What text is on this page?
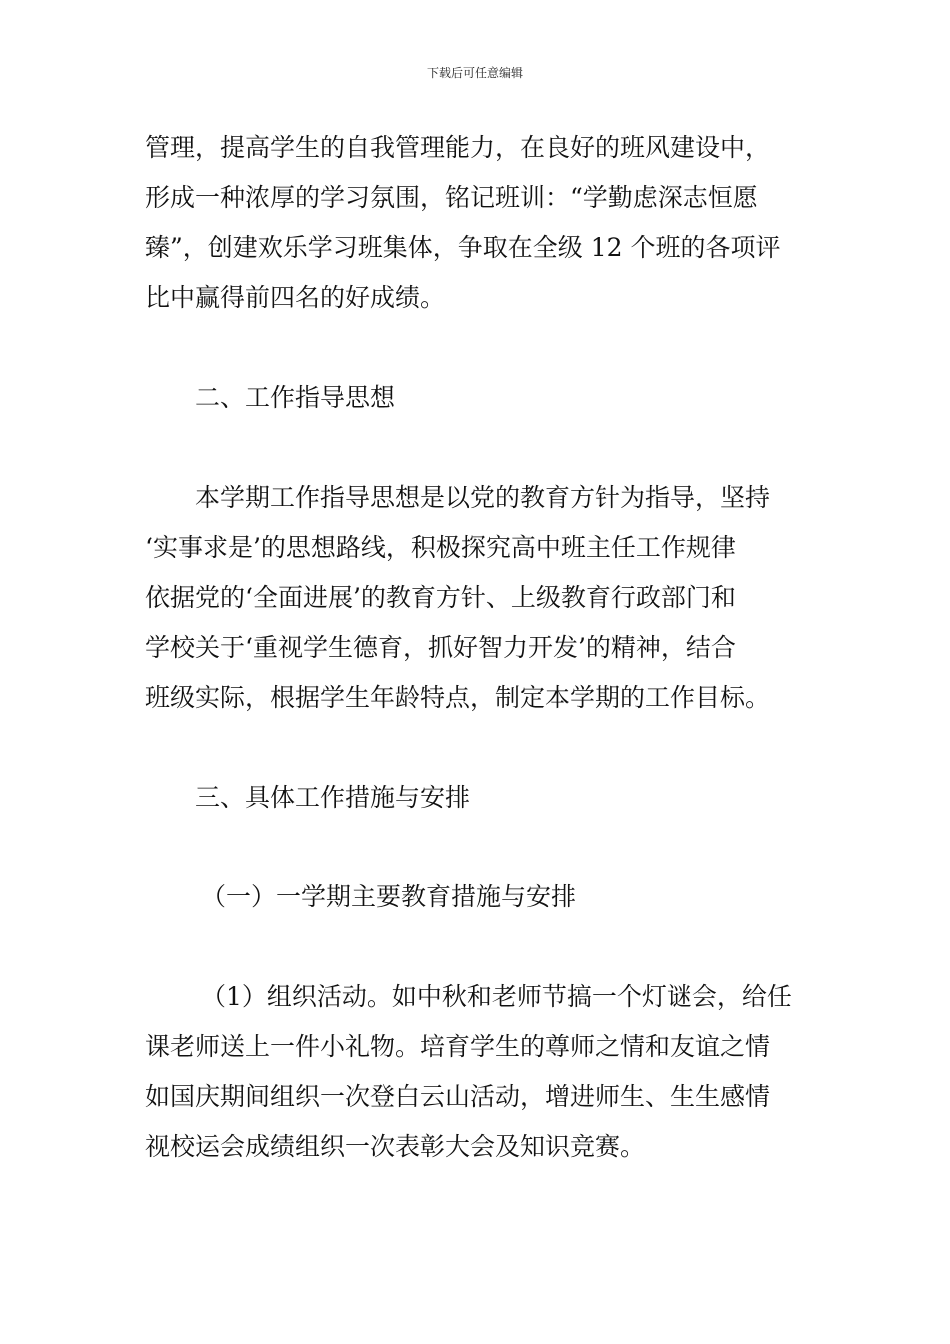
下载后可任意编辑

管理，提高学生的自我管理能力，在良好的班风建设中，

形成一种浓厚的学习氛围，铭记班训：“学勤虑深志恒愿

臻”，创建欢乐学习班集体，争取在全级 12 个班的各项评

比中赢得前四名的好成绩。

二、工作指导思想

本学期工作指导思想是以党的教育方针为指导，坚持

‘实事求是’的思想路线，积极探究高中班主任工作规律

依据党的‘全面进展’的教育方针、上级教育行政部门和

学校关于‘重视学生德育，抓好智力开发’的精神，结合

班级实际，根据学生年龄特点，制定本学期的工作目标。

三、具体工作措施与安排

（一）一学期主要教育措施与安排

（1）组织活动。如中秋和老师节搞一个灯谜会，给任

课老师送上一件小礼物。培育学生的尊师之情和友谊之情

如国庆期间组织一次登白云山活动，增进师生、生生感情

视校运会成绩组织一次表彰大会及知识竞赛。
